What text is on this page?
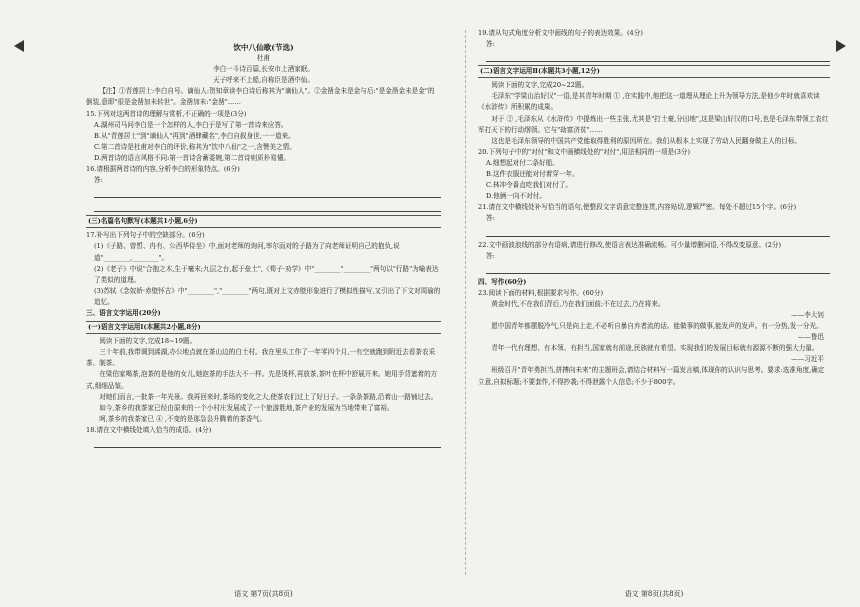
饮中八仙歌(节选)
杜甫
李白一斗诗百篇,长安市上酒家眠。
天子呼来不上船,自称臣是酒中仙。
【注】①青莲居士:李白自号。谪仙人:贺知章读李白诗后称其为"谪仙人"。②金凿金未是金与后:"是金凿金未是金"的倒装,意即"很是金凿加未转世"。金凿加未:"金凿"……
15.下列对这两首诗的理解与赏析,不正确的一项是(3分)
A.湖州司马问李白是一个怎样的人,李白于是写了第一首诗来应答。
B.从"青莲居士"到"谪仙人"再到"酒肆藏名",李白自叙身世,一一道来。
C.第二首诗是杜甫对李白的评价,称其为"饮中八仙"之一,含赞美之情。
D.两首诗的语言风格不同:第一首诗含蓄委婉,第二首诗则质朴易懂。
16.请根据两首诗的内容,分析李白的形象特点。(6分)
答:
(三)名篇名句默写(本题共1小题,6分)
17.补写出下列句子中的空缺部分。(6分)
(1)《子路、曾皙、冉有、公西华侍坐》中,面对老师的询问,率尔而对的子路为了向老师证明自己的抱负,说道"________,________"。
(2)《老子》中说"合抱之木,生于毫末;九层之台,起于垒土",《荀子·劝学》中"________"________"两句以"行路"为喻表达了类似的道理。
(3)苏轼《念奴娇·赤壁怀古》中"________","________"两句,既对上文赤壁形象进行了模拟性描写,又引出了下文对周瑜的追忆。
三、语言文字运用(20分)
(一)语言文字运用Ⅰ(本题共2小题,8分)
阅读下面的文字,完成18~19题。
三十年前,我带调到浠湖,办公地点就在茶山边的白土村。我在里头工作了一年零四个月,一有空就跑到附近去看茶农采茶、制茶。
在梁伯家喝茶,泡茶的是他的女儿,她泡茶的手法大不一样。先是烫杯,再放茶,茶叶在杯中舒展开来。她用手背遮着的方式,细细品鉴。
对她们而言,一批茶一年光景。我再回来时,茶场的变化之大,使茶农们过上了好日子。一条条茶路,沿着山一路铺过去。
如今,茶乡的我茶家已经由原来的一个小村庄发展成了一个旅游胜地,茶产业的发展为当地带来了富裕。
呵,茶乡的我茶家已 ④ ,不变的是那袅袅升腾着的茶香气。
18.请在文中横线处填入恰当的成语。(4分)
19.请从句式角度分析文中画线的句子的表达效果。(4分)
答:
(二)语言文字运用Ⅱ(本题共3小题,12分)
阅读下面的文字,完成20~22题。
毛泽东"学梁山治好汉"一语,是其青年时期 ① ,在实践中,他把这一道理从理论上升为领导方法,是他少年时就喜欢读《水浒传》所积累的成果。
对于 ② ,毛泽东从《水浒传》中提炼出一些主张,尤其是"打土豪,分田地",这是梁山好汉的口号,也是毛泽东带领工农红军打天下的行动纲领。它与"劫富济贫"……
这也是毛泽东领导的中国共产党能取得胜利的原因所在。我们从根本上实现了劳动人民翻身做主人的目标。
20.下列句子中的"对付"和文中画横线处的"对付",用法相同的一项是(3分)
A.细想起对付二条好船。
B.这件衣服还能对付着穿一年。
C.林冲令番直吃我们对付了。
D.他俩一向不对付。
21.请在文中横线处补写恰当的语句,使整段文字语意完整连贯,内容贴切,逻辑严密。每处不超过15个字。(6分)
答:
22.文中画波浪线的部分有语病,请进行修改,使语言表达准确流畅。可少量增删词语,不得改变原意。(2分)
答:
四、写作(60分)
23.阅读下面的材料,根据要求写作。(60分)
黄金时代,不在我们背后,乃在我们面前;不在过去,乃在将来。
——李大钊
愿中国青年都摆脱冷气,只是向上走,不必听自暴自弃者流的话。能做事的做事,能发声的发声。有一分热,发一分光。
——鲁迅
青年一代有理想、有本领、有担当,国家就有前途,民族就有希望。实现我们的发展目标就有源源不断的强大力量。
——习近平
班级召开"青年勇担当,拼搏向未来"的主题班会,请结合材料写一篇发言稿,体现你的认识与思考。要求:选准角度,确定立意,自拟标题;不要套作,不得抄袭;不得泄露个人信息;不少于800字。
语文 第7页(共8页)	语文 第8页(共8页)
